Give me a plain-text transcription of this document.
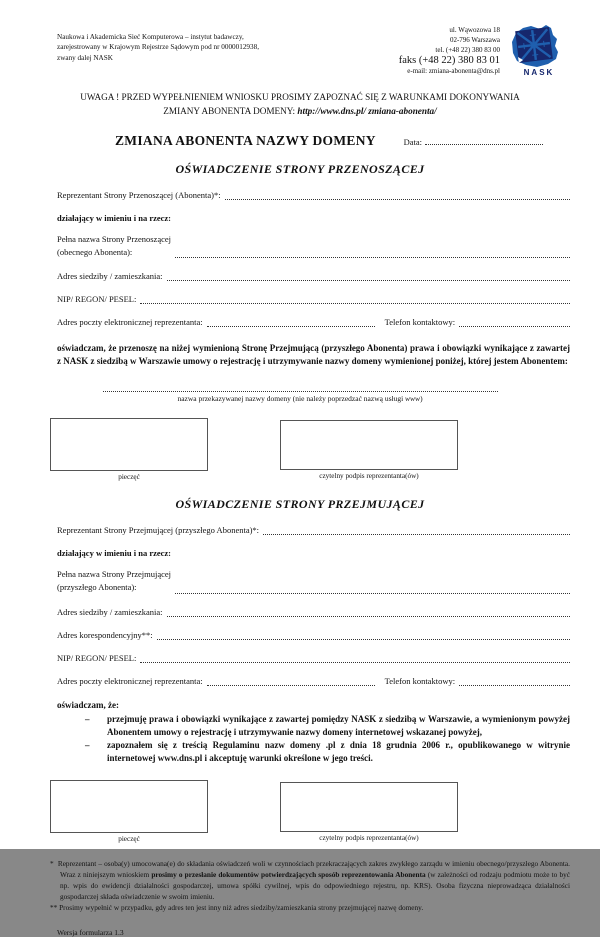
Naukowa i Akademicka Sieć Komputerowa – instytut badawczy,
zarejestrowany w Krajowym Rejestrze Sądowym pod nr 0000012938,
zwany dalej NASK
ul. Wąwozowa 18
02-796 Warszawa
tel. (+48 22) 380 83 00
faks (+48 22) 380 83 01
e-mail: zmiana-abonenta@dns.pl	NASK
UWAGA ! PRZED WYPEŁNIENIEM WNIOSKU PROSIMY ZAPOZNAĆ SIĘ Z WARUNKAMI DOKONYWANIA
ZMIANY ABONENTA DOMENY: http://www.dns.pl/ zmiana-abonenta/
ZMIANA ABONENTA NAZWY DOMENY	Data:
OŚWIADCZENIE STRONY PRZENOSZĄCEJ
Reprezentant Strony Przenoszącej (Abonenta)*:
działający w imieniu i na rzecz:
Pełna nazwa Strony Przenoszącej
(obecnego Abonenta):
Adres siedziby / zamieszkania:
NIP/ REGON/ PESEL:
Adres poczty elektronicznej reprezentanta:	Telefon kontaktowy:

oświadczam, że przenoszę na niżej wymienioną Stronę Przejmującą (przyszłego Abonenta) prawa i obowiązki wynikające z zawartej z NASK z siedzibą w Warszawie umowy o rejestrację i utrzymywanie nazwy domeny wymienionej poniżej, której jestem Abonentem:

nazwa przekazywanej nazwy domeny (nie należy poprzedzać nazwą usługi www)
pieczęć	czytelny podpis reprezentanta(ów)
OŚWIADCZENIE STRONY PRZEJMUJĄCEJ
Reprezentant Strony Przejmującej (przyszłego Abonenta)*:
działający w imieniu i na rzecz:
Pełna nazwa Strony Przejmującej
(przyszłego Abonenta):
Adres siedziby / zamieszkania:
Adres korespondencyjny**:
NIP/ REGON/ PESEL:
Adres poczty elektronicznej reprezentanta:	Telefon kontaktowy:
oświadczam, że:
–	przejmuję prawa i obowiązki wynikające z zawartej pomiędzy NASK z siedzibą w Warszawie, a wymienionym powyżej Abonentem umowy o rejestrację i utrzymywanie nazwy domeny internetowej wskazanej powyżej,
–	zapoznałem się z treścią Regulaminu nazw domeny .pl z dnia 18 grudnia 2006 r., opublikowanego w witrynie internetowej www.dns.pl i akceptuję warunki określone w jego treści.
pieczęć	czytelny podpis reprezentanta(ów)

* Reprezentant – osoba(y) umocowana(e) do składania oświadczeń woli w czynnościach przekraczających zakres zwykłego zarządu w imieniu obecnego/przyszłego Abonenta. Wraz z niniejszym wnioskiem prosimy o przesłanie dokumentów potwierdzających sposób reprezentowania Abonenta (w zależności od rodzaju podmiotu może to być np. wpis do ewidencji działalności gospodarczej, umowa spółki cywilnej, wpis do odpowiedniego rejestru, np. KRS). Osoba fizyczna nieprowadząca działalności gospodarczej składa oświadczenie w swoim imieniu.

** Prosimy wypełnić w przypadku, gdy adres ten jest inny niż adres siedziby/zamieszkania strony przejmującej nazwę domeny.

Wersja formularza 1.3
